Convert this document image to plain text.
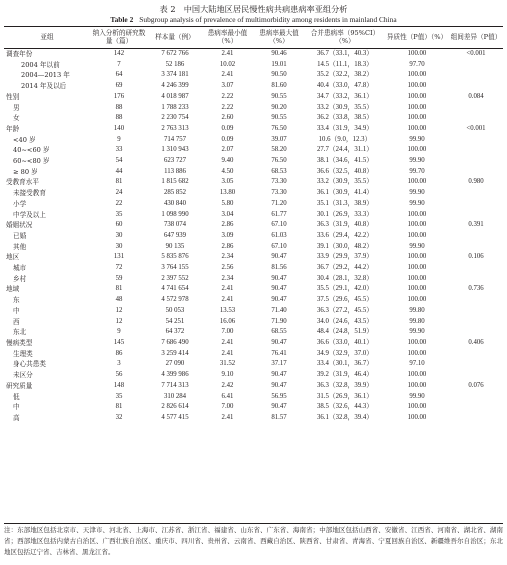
表 2　中国大陆地区居民慢性病共病患病率亚组分析
Table 2 Subgroup analysis of prevalence of multimorbidity among residents in mainland China
亚组	纳入分析的研究数量（篇）	样本量（例）	患病率最小值（%）	患病率最大值（%）	合并患病率（95%CI）（%）	异质性（P值）（%）	组间差异（P值）
调查年份	142	7 672 766	2.41	90.46	36.7（33.1，40.3）	100.00	<0.001
2004 年以前	7	52 186	10.02	19.01	14.5（11.1，18.3）	97.70	
2004—2013 年	64	3 374 181	2.41	90.50	35.2（32.2，38.2）	100.00	
2014 年及以后	69	4 246 399	3.07	81.60	40.4（33.0，47.8）	100.00	
性别	176	4 018 987	2.22	90.55	34.7（33.2，36.1）	100.00	0.084
男	88	1 788 233	2.22	90.20	33.2（30.9，35.5）	100.00	
女	88	2 230 754	2.60	90.55	36.2（33.8，38.5）	100.00	
年龄	140	2 763 313	0.09	76.50	33.4（31.9，34.9）	100.00	<0.001
<40 岁	9	714 757	0.09	39.07	10.6（9.0，12.3）	99.90	
40~<60 岁	33	1 310 943	2.07	58.20	27.7（24.4，31.1）	100.00	
60~<80 岁	54	623 727	9.40	76.50	38.1（34.6，41.5）	99.90	
≥ 80 岁	44	113 886	4.50	68.53	36.6（32.5，40.8）	99.70	
受教育水平	81	1 815 682	3.05	73.30	33.2（30.9，35.5）	100.00	0.980
未接受教育	24	285 852	13.80	73.30	36.1（30.9，41.4）	99.90	
小学	22	430 840	5.80	71.20	35.1（31.3，38.9）	99.90	
中学及以上	35	1 098 990	3.04	61.77	30.1（26.9，33.3）	100.00	
婚姻状况	60	738 074	2.86	67.10	36.3（31.9，40.8）	100.00	0.391
已婚	30	647 939	3.09	61.03	33.6（29.4，42.2）	100.00	
其他	30	90 135	2.86	67.10	39.1（30.0，48.2）	99.90	
地区	131	5 835 876	2.34	90.47	33.9（29.9，37.9）	100.00	0.106
城市	72	3 764 155	2.56	81.56	36.7（29.2，44.2）	100.00	
乡村	59	2 397 552	2.34	90.47	30.4（28.1，32.8）	100.00	
地域	81	4 741 654	2.41	90.47	35.5（29.1，42.0）	100.00	0.736
东	48	4 572 978	2.41	90.47	37.5（29.6，45.5）	100.00	
中	12	50 053	13.53	71.40	36.3（27.2，45.5）	99.80	
西	12	54 251	16.06	71.90	34.0（24.6，43.5）	99.80	
东北	9	64 372	7.00	68.55	48.4（24.8，51.9）	99.90	
慢病类型	145	7 686 490	2.41	90.47	36.6（33.0，40.1）	100.00	0.406
生理类	86	3 259 414	2.41	76.41	34.9（32.9，37.0）	100.00	
身心共患类	3	27 090	31.52	37.17	33.4（30.1，36.7）	97.10	
未区分	56	4 399 986	9.10	90.47	39.2（31.9，46.4）	100.00	
研究质量	148	7 714 313	2.42	90.47	36.3（32.8，39.9）	100.00	0.076
低	35	310 284	6.41	56.95	31.5（26.9，36.1）	99.90	
中	81	2 826 614	7.00	90.47	38.5（32.6，44.3）	100.00	
高	32	4 577 415	2.41	81.57	36.1（32.8，39.4）	100.00	
注：东部地区包括北京市、天津市、河北省、上海市、江苏省、浙江省、福建省、山东省、广东省、海南省；中部地区包括山西省、安徽省、江西省、河南省、湖北省、湖南省；西部地区包括内蒙古自治区、广西壮族自治区、重庆市、四川省、贵州省、云南省、西藏自治区、陕西省、甘肃省、青海省、宁夏回族自治区、新疆维吾尔自治区；东北地区包括辽宁省、吉林省、黑龙江省。
